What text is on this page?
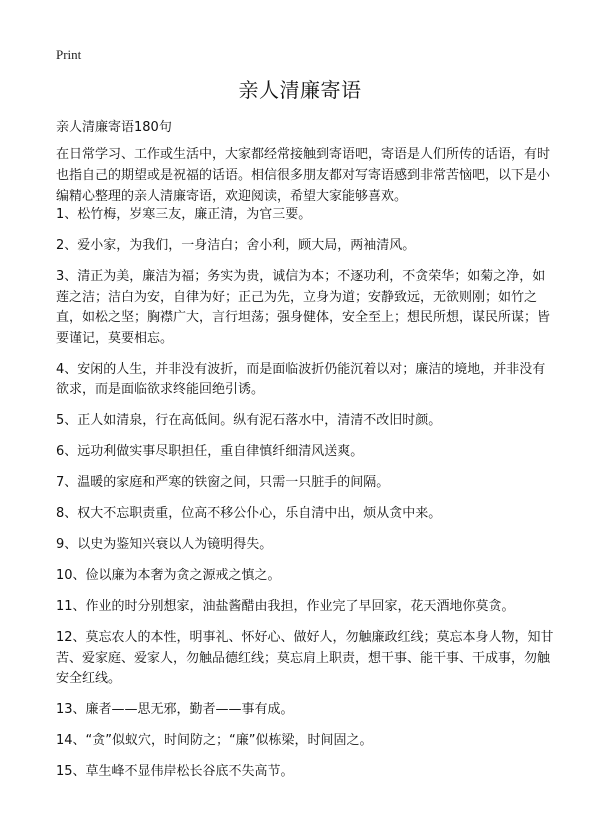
Print
亲人清廉寄语

亲人清廉寄语180句

在日常学习、工作或生活中，大家都经常接触到寄语吧，寄语是人们所传的话语，有时也指自己的期望或是祝福的话语。相信很多朋友都对写寄语感到非常苦恼吧，以下是小编精心整理的亲人清廉寄语，欢迎阅读，希望大家能够喜欢。

1、松竹梅，岁寒三友，廉正清，为官三要。
2、爱小家，为我们，一身洁白；舍小利，顾大局，两袖清风。
3、清正为美，廉洁为福；务实为贵，诚信为本；不逐功利，不贪荣华；如菊之净，如莲之洁；洁白为安，自律为好；正己为先，立身为道；安静致远，无欲则刚；如竹之直，如松之坚；胸襟广大，言行坦荡；强身健体，安全至上；想民所想，谋民所谋；皆要谨记，莫要相忘。
4、安闲的人生，并非没有波折，而是面临波折仍能沉着以对；廉洁的境地，并非没有欲求，而是面临欲求终能回绝引诱。
5、正人如清泉，行在高低间。纵有泥石落水中，清清不改旧时颜。
6、远功利做实事尽职担任，重自律慎纤细清风送爽。
7、温暖的家庭和严寒的铁窗之间，只需一只脏手的间隔。
8、权大不忘职责重，位高不移公仆心，乐自清中出，烦从贪中来。
9、以史为鉴知兴衰以人为镜明得失。
10、俭以廉为本奢为贪之源戒之慎之。
11、作业的时分别想家，油盐酱醋由我担，作业完了早回家，花天酒地你莫贪。
12、莫忘农人的本性，明事礼、怀好心、做好人，勿触廉政红线；莫忘本身人物，知甘苦、爱家庭、爱家人，勿触品德红线；莫忘肩上职责，想干事、能干事、干成事，勿触安全红线。
13、廉者——思无邪，勤者——事有成。
14、“贪”似蚁穴，时间防之；“廉”似栋梁，时间固之。
15、草生峰不显伟岸松长谷底不失高节。
